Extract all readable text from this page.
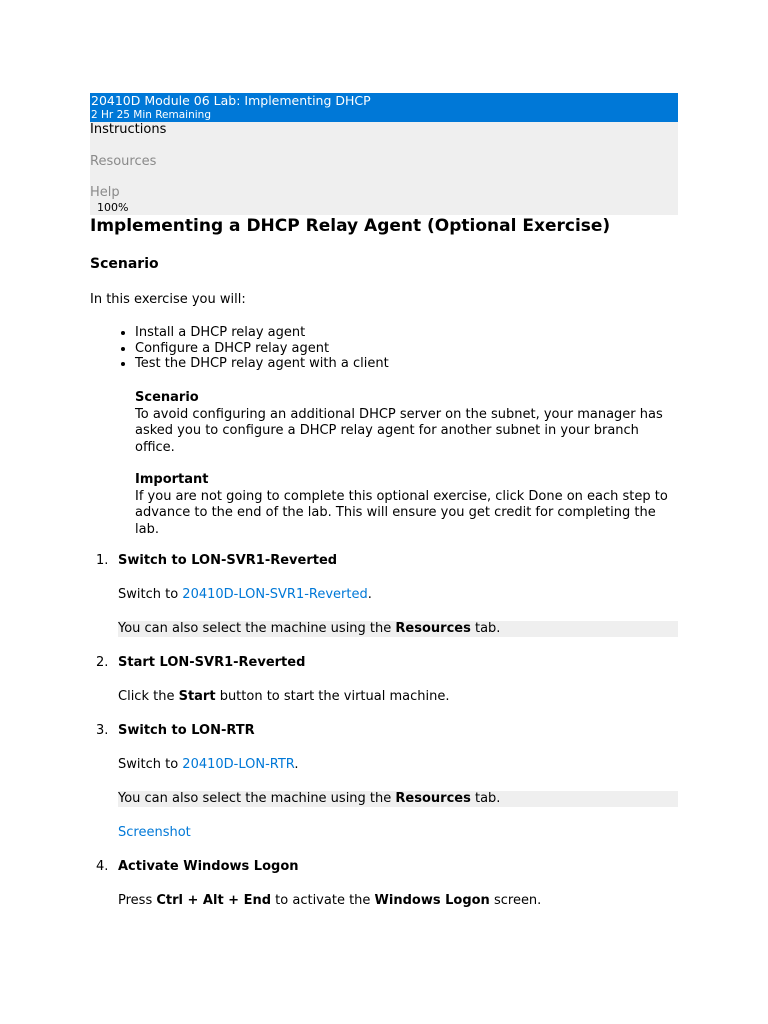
20410D Module 06 Lab: Implementing DHCP
2 Hr 25 Min Remaining
Instructions
Resources
Help
100%
Implementing a DHCP Relay Agent (Optional Exercise)
Scenario
In this exercise you will:
• Install a DHCP relay agent
• Configure a DHCP relay agent
• Test the DHCP relay agent with a client
Scenario
To avoid configuring an additional DHCP server on the subnet, your manager has asked you to configure a DHCP relay agent for another subnet in your branch office.
Important
If you are not going to complete this optional exercise, click Done on each step to advance to the end of the lab. This will ensure you get credit for completing the lab.
1. Switch to LON-SVR1-Reverted
Switch to 20410D-LON-SVR1-Reverted.
You can also select the machine using the Resources tab.
2. Start LON-SVR1-Reverted
Click the Start button to start the virtual machine.
3. Switch to LON-RTR
Switch to 20410D-LON-RTR.
You can also select the machine using the Resources tab.
Screenshot
4. Activate Windows Logon
Press Ctrl + Alt + End to activate the Windows Logon screen.
